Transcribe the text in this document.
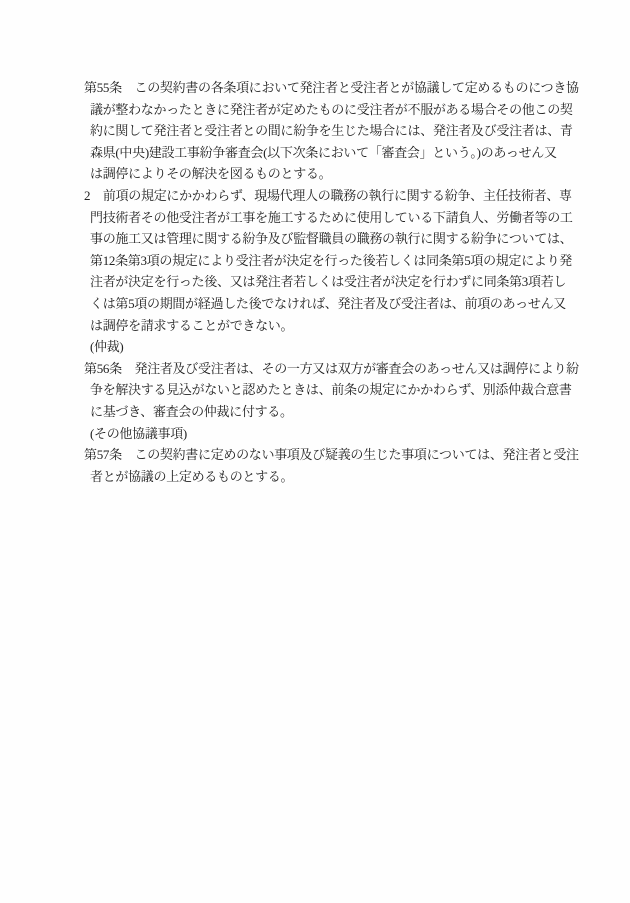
第55条　この契約書の各条項において発注者と受注者とが協議して定めるものにつき協
議が整わなかったときに発注者が定めたものに受注者が不服がある場合その他この契
約に関して発注者と受注者との間に紛争を生じた場合には、発注者及び受注者は、青
森県(中央)建設工事紛争審査会(以下次条において「審査会」という。)のあっせん又
は調停によりその解決を図るものとする。
2　前項の規定にかかわらず、現場代理人の職務の執行に関する紛争、主任技術者、専
門技術者その他受注者が工事を施工するために使用している下請負人、労働者等の工
事の施工又は管理に関する紛争及び監督職員の職務の執行に関する紛争については、
第12条第3項の規定により受注者が決定を行った後若しくは同条第5項の規定により発
注者が決定を行った後、又は発注者若しくは受注者が決定を行わずに同条第3項若し
くは第5項の期間が経過した後でなければ、発注者及び受注者は、前項のあっせん又
は調停を請求することができない。
(仲裁)
第56条　発注者及び受注者は、その一方又は双方が審査会のあっせん又は調停により紛
争を解決する見込がないと認めたときは、前条の規定にかかわらず、別添仲裁合意書
に基づき、審査会の仲裁に付する。
(その他協議事項)
第57条　この契約書に定めのない事項及び疑義の生じた事項については、発注者と受注
者とが協議の上定めるものとする。
